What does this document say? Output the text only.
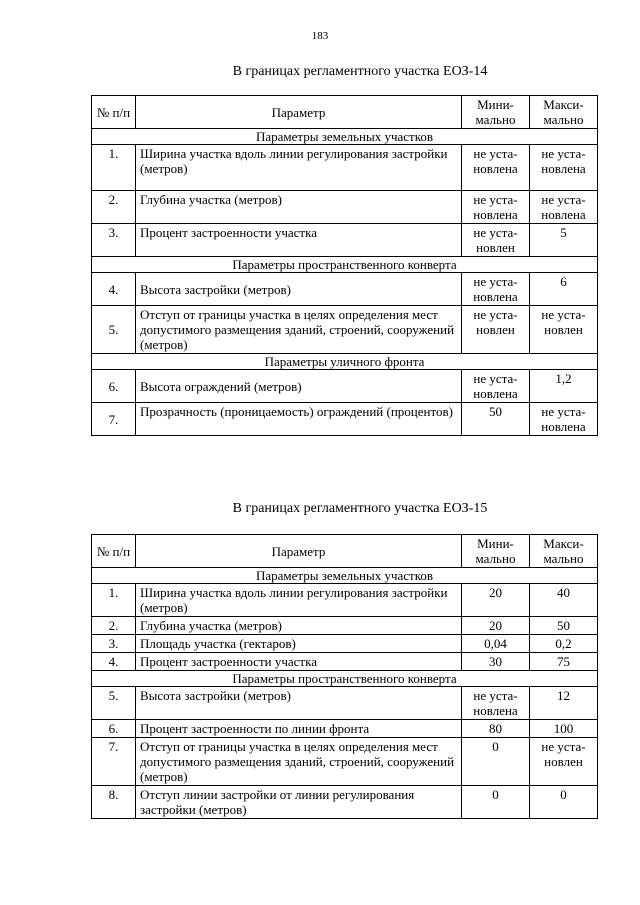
183
В границах регламентного участка ЕОЗ-14
№ п/п	Параметр	Мини-мально	Макси-мально
Параметры земельных участков			
1.	Ширина участка вдоль линии регулирования застройки (метров)	не уста-новлена	не уста-новлена
2.	Глубина участка (метров)	не уста-новлена	не уста-новлена
3.	Процент застроенности участка	не уста-новлен	5
Параметры пространственного конверта			
4.	Высота застройки (метров)	не уста-новлена	6
5.	Отступ от границы участка в целях определения мест допустимого размещения зданий, строений, сооружений (метров)	не уста-новлен	не уста-новлен
Параметры уличного фронта			
6.	Высота ограждений (метров)	не уста-новлена	1,2
7.	Прозрачность (проницаемость) ограждений (процентов)	50	не уста-новлена
В границах регламентного участка ЕОЗ-15
№ п/п	Параметр	Мини-мально	Макси-мально
Параметры земельных участков			
1.	Ширина участка вдоль линии регулирования застройки (метров)	20	40
2.	Глубина участка (метров)	20	50
3.	Площадь участка (гектаров)	0,04	0,2
4.	Процент застроенности участка	30	75
Параметры пространственного конверта			
5.	Высота застройки (метров)	не уста-новлена	12
6.	Процент застроенности по линии фронта	80	100
7.	Отступ от границы участка в целях определения мест допустимого размещения зданий, строений, сооружений (метров)	0	не уста-новлен
8.	Отступ линии застройки от линии регулирования застройки (метров)	0	0
